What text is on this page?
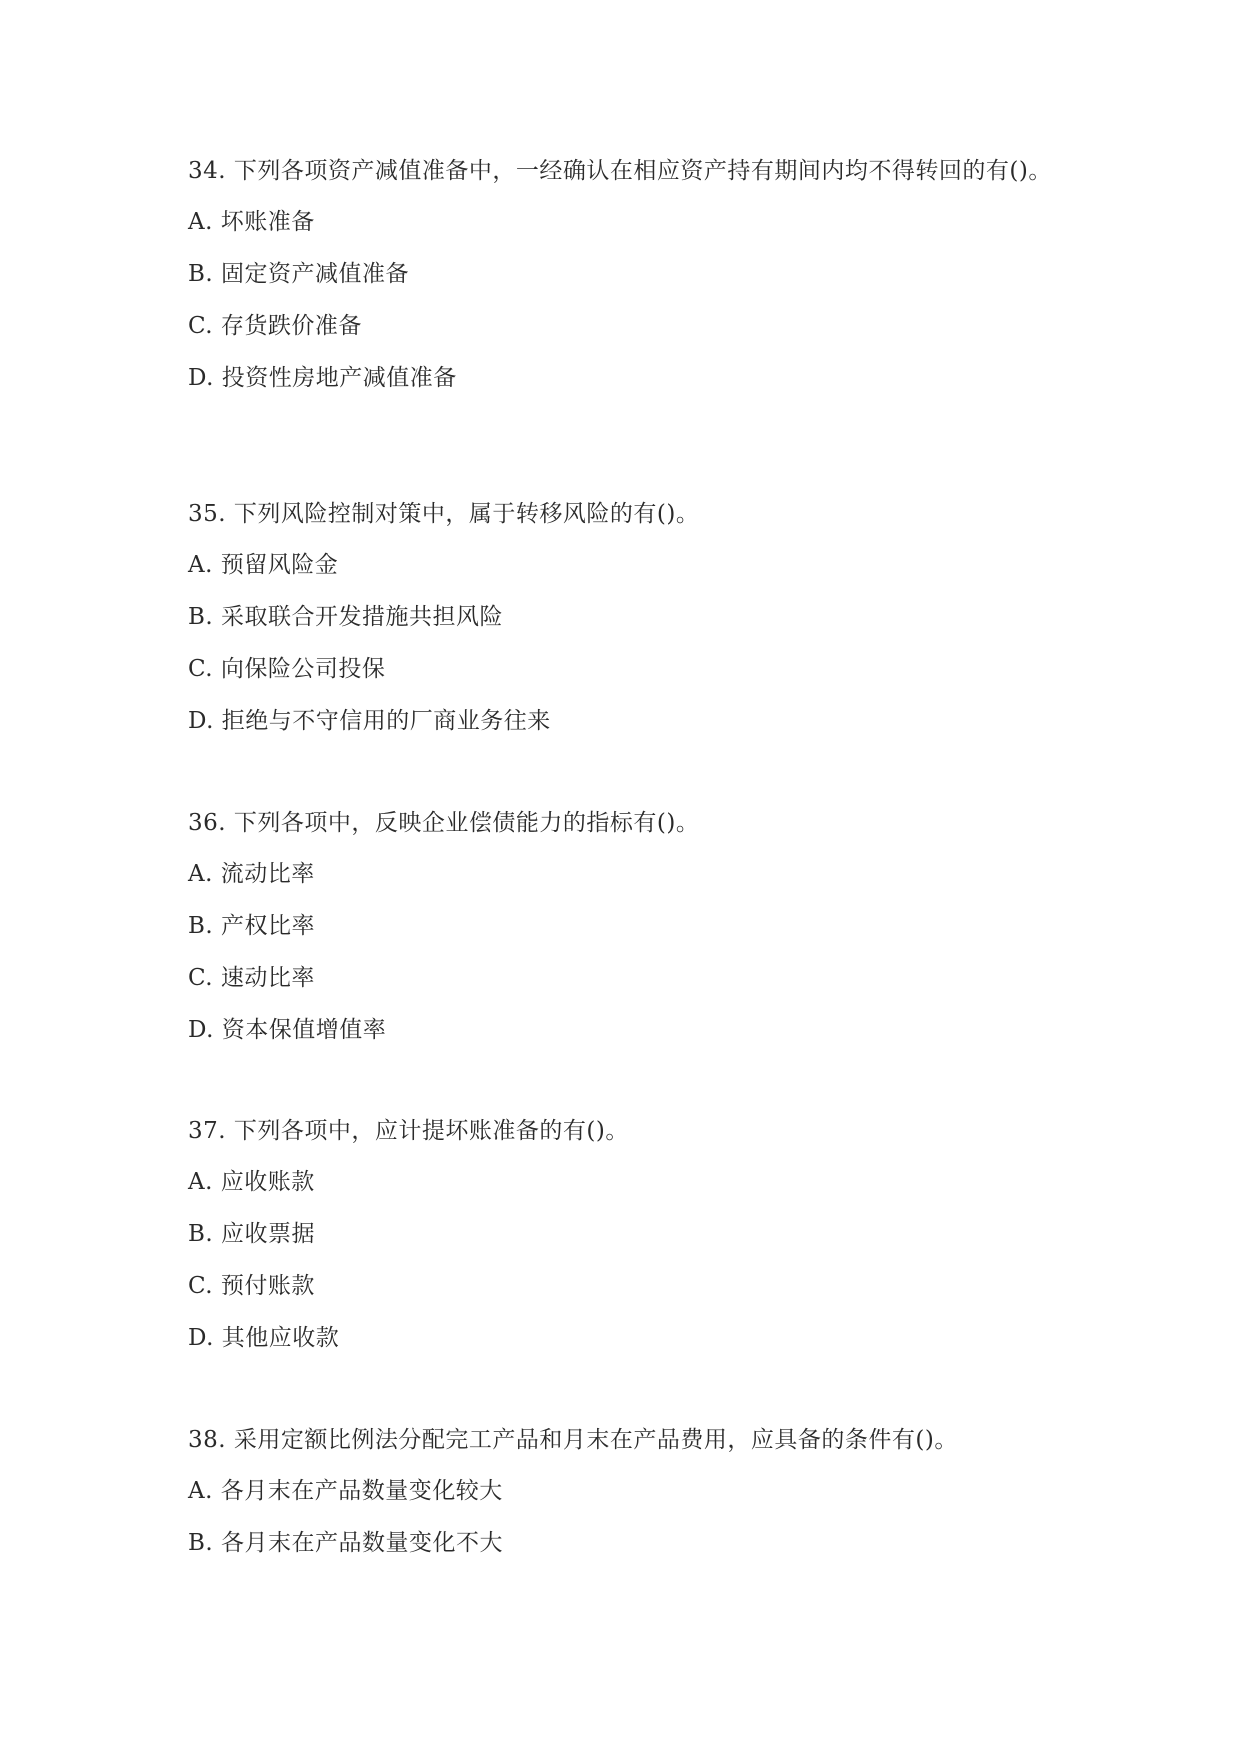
34. 下列各项资产减值准备中，一经确认在相应资产持有期间内均不得转回的有()。
A. 坏账准备
B. 固定资产减值准备
C. 存货跌价准备
D. 投资性房地产减值准备
35. 下列风险控制对策中，属于转移风险的有()。
A. 预留风险金
B. 采取联合开发措施共担风险
C. 向保险公司投保
D. 拒绝与不守信用的厂商业务往来
36. 下列各项中，反映企业偿债能力的指标有()。
A. 流动比率
B. 产权比率
C. 速动比率
D. 资本保值增值率
37. 下列各项中，应计提坏账准备的有()。
A. 应收账款
B. 应收票据
C. 预付账款
D. 其他应收款
38. 采用定额比例法分配完工产品和月末在产品费用，应具备的条件有()。
A. 各月末在产品数量变化较大
B. 各月末在产品数量变化不大
